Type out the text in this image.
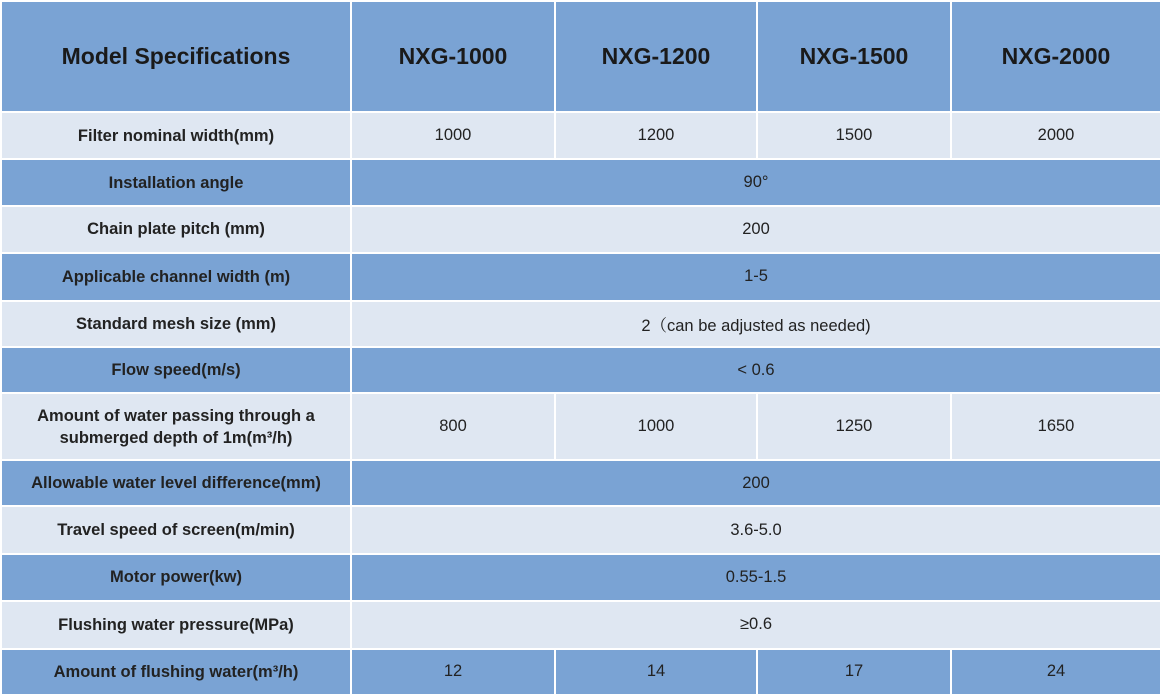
Model Specifications	NXG-1000	NXG-1200	NXG-1500	NXG-2000
Filter nominal width(mm)	1000	1200	1500	2000
Installation angle	90°			
Chain plate pitch (mm)	200			
Applicable channel width (m)	1-5			
Standard mesh size (mm)	2（can be adjusted as needed)			
Flow speed(m/s)	< 0.6			
Amount of water passing through a submerged depth of 1m(m³/h)	800	1000	1250	1650
Allowable water level difference(mm)	200			
Travel speed of screen(m/min)	3.6-5.0			
Motor power(kw)	0.55-1.5			
Flushing water pressure(MPa)	≥0.6			
Amount of flushing water(m³/h)	12	14	17	24
